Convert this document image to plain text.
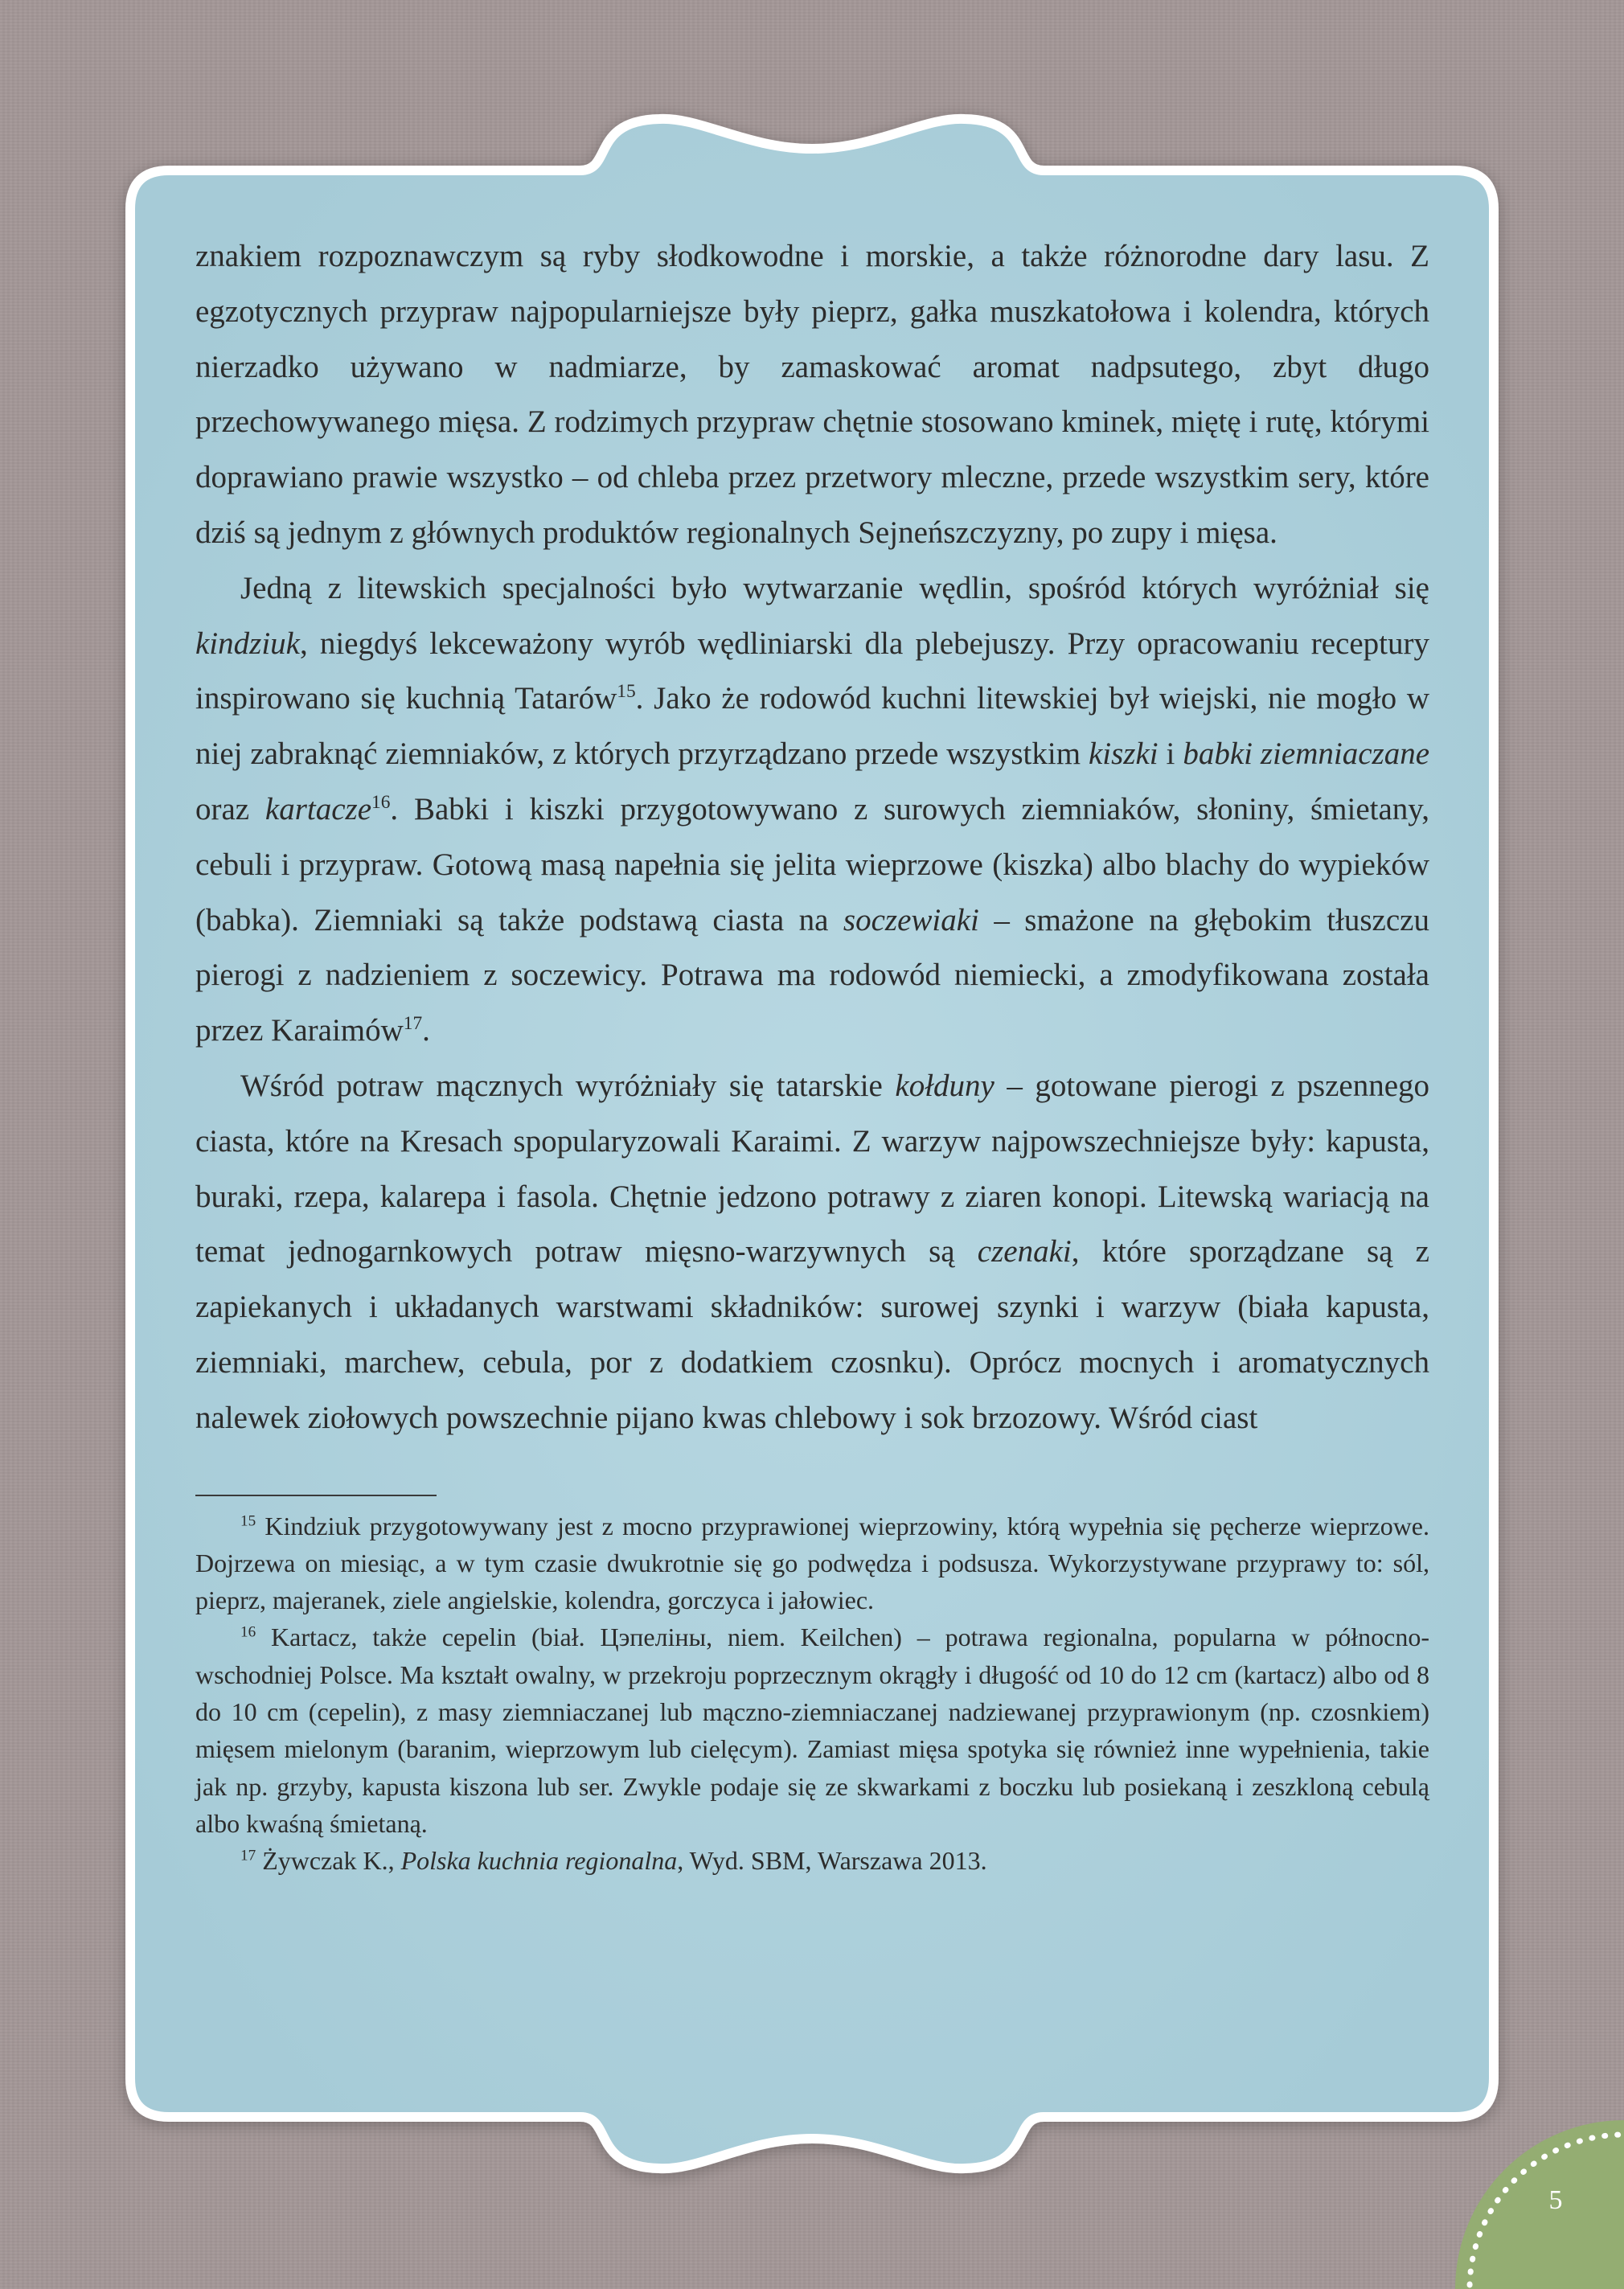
znakiem rozpoznawczym są ryby słodkowodne i morskie, a także różnorodne dary lasu. Z egzotycznych przypraw najpopularniejsze były pieprz, gałka muszkatołowa i kolendra, których nierzadko używano w nadmiarze, by zamaskować aromat nadpsutego, zbyt długo przechowywanego mięsa. Z rodzimych przypraw chętnie stosowano kminek, miętę i rutę, którymi doprawiano prawie wszystko – od chleba przez przetwory mleczne, przede wszystkim sery, które dziś są jednym z głównych produktów regionalnych Sejneńszczyzny, po zupy i mięsa.

Jedną z litewskich specjalności było wytwarzanie wędlin, spośród których wyróżniał się kindziuk, niegdyś lekceważony wyrób wędliniarski dla plebejuszy. Przy opracowaniu receptury inspirowano się kuchnią Tatarów$^{15}$. Jako że rodowód kuchni litewskiej był wiejski, nie mogło w niej zabraknąć ziemniaków, z których przyrządzano przede wszystkim kiszki i babki ziemniaczane oraz kartacze$^{16}$. Babki i kiszki przygotowywano z surowych ziemniaków, słoniny, śmietany, cebuli i przypraw. Gotową masą napełnia się jelita wieprzowe (kiszka) albo blachy do wypieków (babka). Ziemniaki są także podstawą ciasta na soczewiaki – smażone na głębokim tłuszczu pierogi z nadzieniem z soczewicy. Potrawa ma rodowód niemiecki, a zmodyfikowana została przez Karaimów$^{17}$.

Wśród potraw mącznych wyróżniały się tatarskie kołduny – gotowane pierogi z pszennego ciasta, które na Kresach spopularyzowali Karaimi. Z warzyw najpowszechniejsze były: kapusta, buraki, rzepa, kalarepa i fasola. Chętnie jedzono potrawy z ziaren konopi. Litewską wariacją na temat jednogarnkowych potraw mięsno-warzywnych są czenaki, które sporządzane są z zapiekanych i układanych warstwami składników: surowej szynki i warzyw (biała kapusta, ziemniaki, marchew, cebula, por z dodatkiem czosnku). Oprócz mocnych i aromatycznych nalewek ziołowych powszechnie pijano kwas chlebowy i sok brzozowy. Wśród ciast

$^{15}$ Kindziuk przygotowywany jest z mocno przyprawionej wieprzowiny, którą wypełnia się pęcherze wieprzowe. Dojrzewa on miesiąc, a w tym czasie dwukrotnie się go podwędza i podsusza. Wykorzystywane przyprawy to: sól, pieprz, majeranek, ziele angielskie, kolendra, gorczyca i jałowiec.

$^{16}$ Kartacz, także cepelin (biał. Цэпеліны, niem. Keilchen) – potrawa regionalna, popularna w północno-wschodniej Polsce. Ma kształt owalny, w przekroju poprzecznym okrągły i długość od 10 do 12 cm (kartacz) albo od 8 do 10 cm (cepelin), z masy ziemniaczanej lub mączno-ziemniaczanej nadziewanej przyprawionym (np. czosnkiem) mięsem mielonym (baranim, wieprzowym lub cielęcym). Zamiast mięsa spotyka się również inne wypełnienia, takie jak np. grzyby, kapusta kiszona lub ser. Zwykle podaje się ze skwarkami z boczku lub posiekaną i zeszkloną cebulą albo kwaśną śmietaną.

$^{17}$ Żywczak K., Polska kuchnia regionalna, Wyd. SBM, Warszawa 2013.

5
